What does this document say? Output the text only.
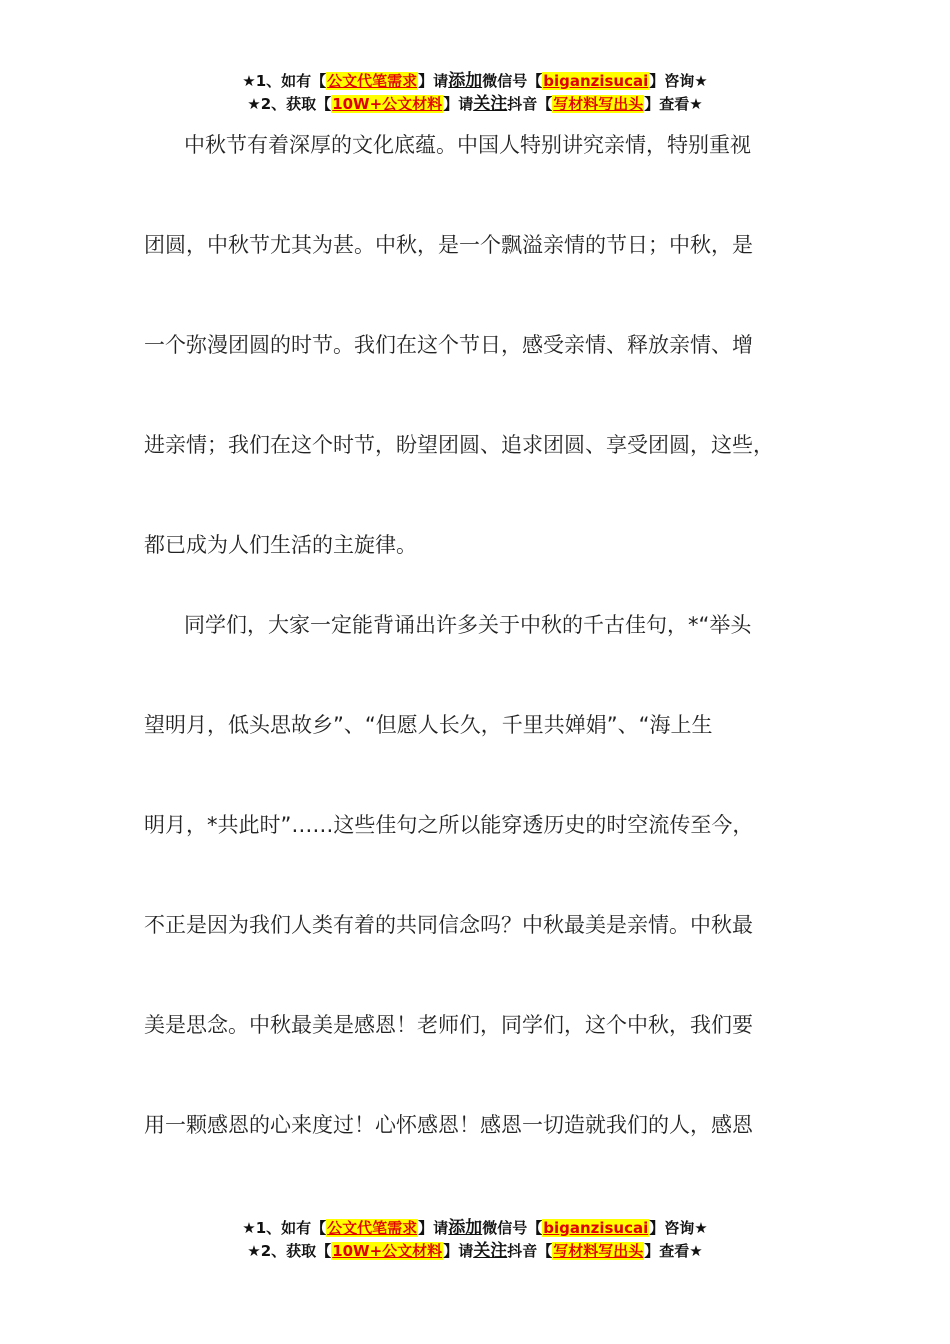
★1、如有【公文代笔需求】请添加微信号【biganzisucai】咨询★
★2、获取【10W+公文材料】请关注抖音【写材料写出头】查看★
中秋节有着深厚的文化底蕴。中国人特别讲究亲情，特别重视
团圆，中秋节尤其为甚。中秋，是一个飘溢亲情的节日；中秋，是
一个弥漫团圆的时节。我们在这个节日，感受亲情、释放亲情、增
进亲情；我们在这个时节，盼望团圆、追求团圆、享受团圆，这些，
都已成为人们生活的主旋律。
同学们，大家一定能背诵出许多关于中秋的千古佳句，*“举头
望明月，低头思故乡”、“但愿人长久，千里共婵娟”、“海上生
明月，*共此时”……这些佳句之所以能穿透历史的时空流传至今，
不正是因为我们人类有着的共同信念吗？中秋最美是亲情。中秋最
美是思念。中秋最美是感恩！老师们，同学们，这个中秋，我们要
用一颗感恩的心来度过！心怀感恩！感恩一切造就我们的人，感恩
★1、如有【公文代笔需求】请添加微信号【biganzisucai】咨询★
★2、获取【10W+公文材料】请关注抖音【写材料写出头】查看★
